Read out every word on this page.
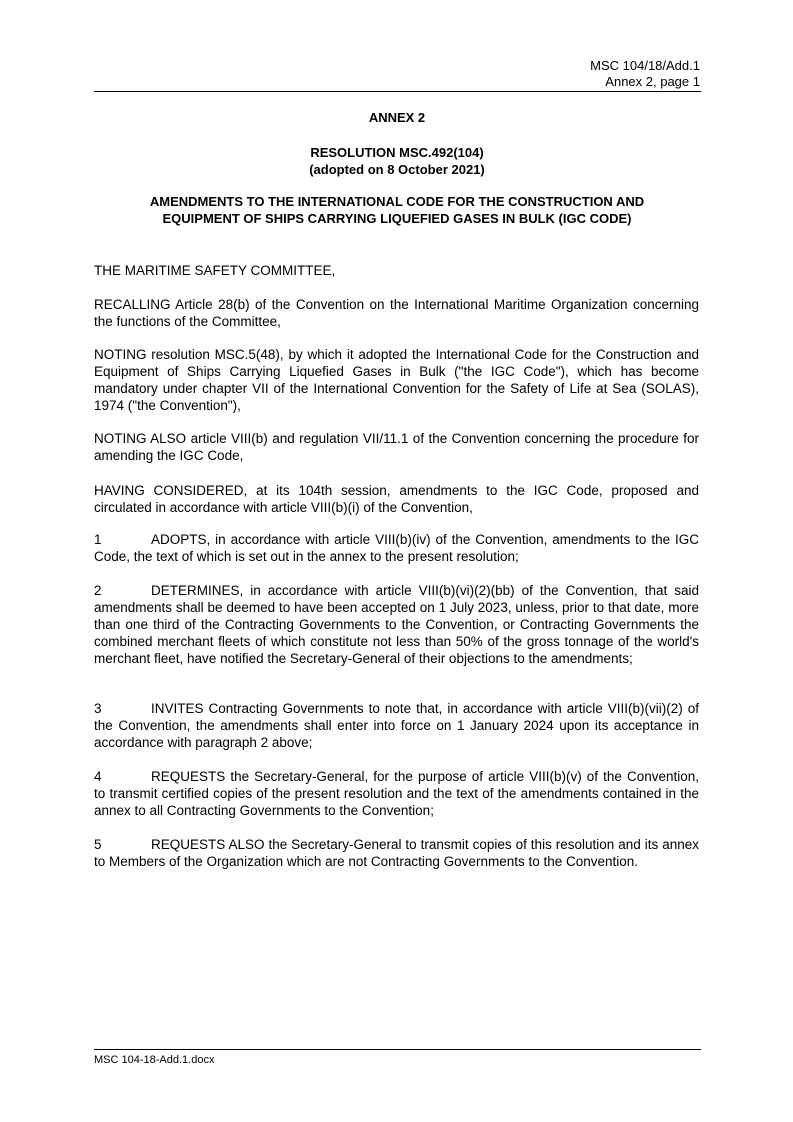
MSC 104/18/Add.1
Annex 2, page 1
ANNEX 2
RESOLUTION MSC.492(104)
(adopted on 8 October 2021)
AMENDMENTS TO THE INTERNATIONAL CODE FOR THE CONSTRUCTION AND
EQUIPMENT OF SHIPS CARRYING LIQUEFIED GASES IN BULK (IGC CODE)

THE MARITIME SAFETY COMMITTEE,

RECALLING Article 28(b) of the Convention on the International Maritime Organization concerning the functions of the Committee,

NOTING resolution MSC.5(48), by which it adopted the International Code for the Construction and Equipment of Ships Carrying Liquefied Gases in Bulk ("the IGC Code"), which has become mandatory under chapter VII of the International Convention for the Safety of Life at Sea (SOLAS), 1974 ("the Convention"),

NOTING ALSO article VIII(b) and regulation VII/11.1 of the Convention concerning the procedure for amending the IGC Code,

HAVING CONSIDERED, at its 104th session, amendments to the IGC Code, proposed and circulated in accordance with article VIII(b)(i) of the Convention,

1	ADOPTS, in accordance with article VIII(b)(iv) of the Convention, amendments to the IGC Code, the text of which is set out in the annex to the present resolution;

2	DETERMINES, in accordance with article VIII(b)(vi)(2)(bb) of the Convention, that said amendments shall be deemed to have been accepted on 1 July 2023, unless, prior to that date, more than one third of the Contracting Governments to the Convention, or Contracting Governments the combined merchant fleets of which constitute not less than 50% of the gross tonnage of the world's merchant fleet, have notified the Secretary-General of their objections to the amendments;

3	INVITES Contracting Governments to note that, in accordance with article VIII(b)(vii)(2) of the Convention, the amendments shall enter into force on 1 January 2024 upon its acceptance in accordance with paragraph 2 above;

4	REQUESTS the Secretary-General, for the purpose of article VIII(b)(v) of the Convention, to transmit certified copies of the present resolution and the text of the amendments contained in the annex to all Contracting Governments to the Convention;

5	REQUESTS ALSO the Secretary-General to transmit copies of this resolution and its annex to Members of the Organization which are not Contracting Governments to the Convention.

MSC 104-18-Add.1.docx
